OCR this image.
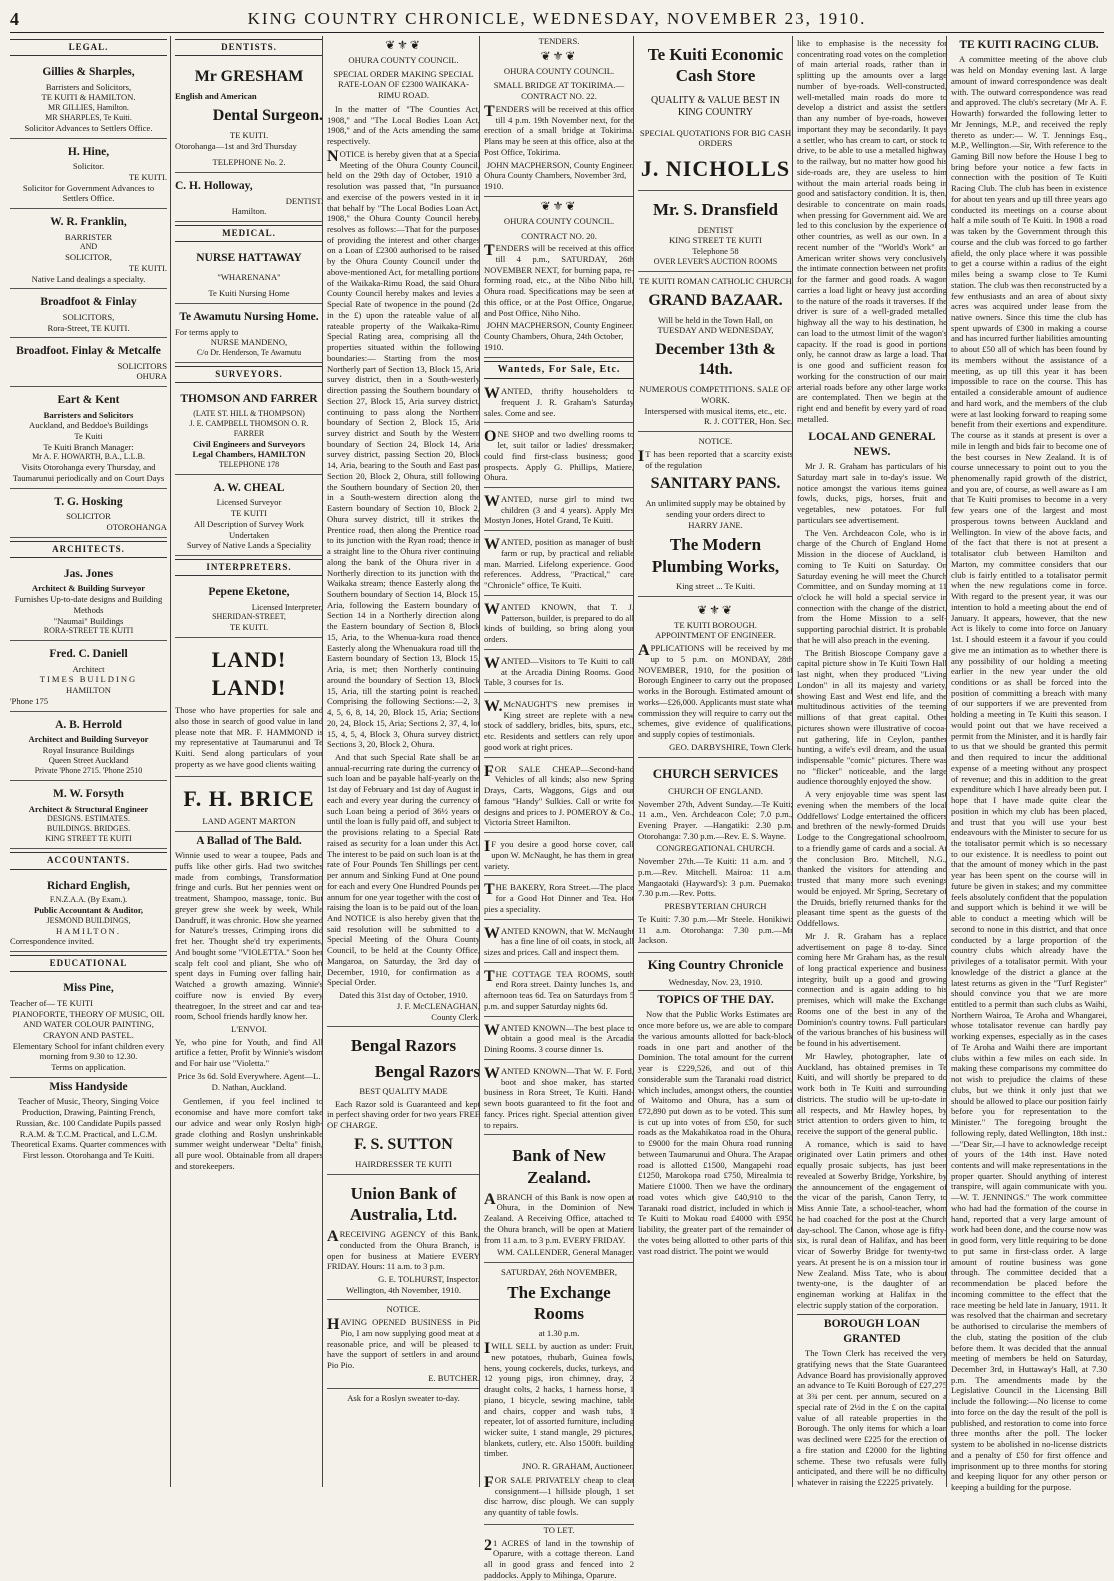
4	KING COUNTRY CHRONICLE, WEDNESDAY, NOVEMBER 23, 1910.
LEGAL.
Gillies & Sharples,
Barristers and Solicitors,
TE KUITI & HAMILTON.
MR GILLIES, Hamilton.
MR SHARPLES, Te Kuiti.
Solicitor Advances to Settlers Office.
H. Hine,
Solicitor.
TE KUITI.
Solicitor for Government Advances to Settlers Office.
W. R. Franklin,
BARRISTER
AND
SOLICITOR,
TE KUITI.
Native Land dealings a specialty.
Broadfoot & Finlay
SOLICITORS,
Rora-Street, TE KUITI.
Broadfoot. Finlay & Metcalfe
SOLICITORS
OHURA
Eart & Kent
Barristers and Solicitors
Auckland, and Beddoe's Buildings
Te Kuiti
Te Kuiti Branch Manager:
Mr A. F. HOWARTH, B.A., L.L.B.
Visits Otorohanga every Thursday, and Taumarunui periodically and on Court Days
T. G. Hosking
SOLICITOR
OTOROHANGA
ARCHITECTS.
Jas. Jones
Architect & Building Surveyor
Furnishes Up-to-date designs and Building Methods
"Naumai" Buildings
RORA-STREET TE KUITI
Fred. C. Daniell
Architect
TIMES BUILDING
HAMILTON
'Phone 175
A. B. Herrold
Architect and Building Surveyor
Royal Insurance Buildings
Queen Street Auckland
Private 'Phone 2715. 'Phone 2510
M. W. Forsyth
Architect & Structural Engineer
DESIGNS. ESTIMATES.
BUILDINGS. BRIDGES.
KING STREET TE KUITI
ACCOUNTANTS.
Richard English,
F.N.Z.A.A. (By Exam.).
Public Accountant & Auditor,
JESMOND BUILDINGS,
HAMILTON.
Correspondence invited.
EDUCATIONAL
Miss Pine,
Teacher of— TE KUITI
PIANOFORTE, THEORY OF MUSIC, OIL AND WATER COLOUR PAINTING, CRAYON AND PASTEL.
Elementary School for infant children every morning from 9.30 to 12.30.
Terms on application.
Miss Handyside
Teacher of Music, Theory, Singing Voice Production, Drawing, Painting French, Russian, &c. 100 Candidate Pupils passed R.A.M. & T.C.M. Practical, and L.C.M. Theoretical Exams. Quarter commences with First lesson. Otorohanga and Te Kuiti.
DENTISTS.
Mr GRESHAM
English and American
Dental Surgeon.
TE KUITI.
Otorohanga—1st and 3rd Thursday
TELEPHONE No. 2.
C. H. Holloway,
DENTIST.
Hamilton.
MEDICAL.
NURSE HATTAWAY
"WHARENANA"
Te Kuiti Nursing Home
Te Awamutu Nursing Home.
For terms apply to
NURSE MANDENO,
C/o Dr. Henderson, Te Awamutu
SURVEYORS.
THOMSON AND FARRER
(LATE ST. HILL & THOMPSON)
J. E. CAMPBELL THOMSON O. R. FARRER
Civil Engineers and Surveyors
Legal Chambers, HAMILTON
TELEPHONE 178
A. W. CHEAL
Licensed Surveyor
TE KUITI
All Description of Survey Work Undertaken
Survey of Native Lands a Speciality
INTERPRETERS.
Pepene Eketone,
Licensed Interpreter,
SHERIDAN-STREET,
TE KUITI.
LAND! LAND!
Those who have properties for sale and also those in search of good value in land please note that MR. F. HAMMOND is my representative at Taumarunui and Te Kuiti. Send along particulars of your property as we have good clients waiting
F. H. BRICE
LAND AGENT MARTON
A Ballad of The Bald.
Winnie used to wear a toupee, Pads and puffs like other girls. Had two switches made from combings, Transformation fringe and curls. But her pennies went on treatment, Shampoo, massage, tonic. But greyer grew she week by week, While Dandruff, it was chronic. How she yearned for Nature's tresses, Crimping irons did fret her. Thought she'd try experiments, And bought some "VIOLETTA." Soon her scalp felt cool and pliant, She who oft spent days in Fuming over falling hair, Watched a growth amazing. Winnie's coiffure now is envied By every theatregoer, In the street and car and tea-room, School friends hardly know her.
L'ENVOI.
Ye, who pine for Youth, and find All artifice a fetter, Profit by Winnie's wisdom and For hair use "Violetta."
Price 3s 6d. Sold Everywhere. Agent—L. D. Nathan, Auckland.
Gentlemen, if you feel inclined to economise and have more comfort take our advice and wear only Roslyn high-grade clothing and Roslyn unshrinkable summer weight underwear "Delta" finish, all pure wool. Obtainable from all drapers and storekeepers.
❦⚜❦
OHURA COUNTY COUNCIL.
SPECIAL ORDER MAKING SPECIAL RATE-LOAN OF £2300 WAIKAKA-RIMU ROAD.
In the matter of "The Counties Act, 1908," and "The Local Bodies Loan Act, 1908," and of the Acts amending the same respectively.
NOTICE is hereby given that at a Special Meeting of the Ohura County Council, held on the 29th day of October, 1910 a resolution was passed that, "In pursuance and exercise of the powers vested in it in that behalf by "The Local Bodies Loan Act, 1908," the Ohura County Council hereby resolves as follows:—That for the purposes of providing the interest and other charges on a Loan of £2300 authorised to be raised by the Ohura County Council under the above-mentioned Act, for metalling portions of the Waikaka-Rimu Road, the said Ohura County Council hereby makes and levies a Special Rate of twopence in the pound (2d in the £) upon the rateable value of all rateable property of the Waikaka-Rimu Special Rating area, comprising all the properties situated within the following boundaries:— Starting from the most Northerly part of Section 13, Block 15, Aria survey district, then in a South-westerly direction passing the Southern boundary of Section 27, Block 15, Aria survey district, continuing to pass along the Northern boundary of Section 2, Block 15, Aria survey district and South by the Western boundary of Section 24, Block 14, Aria survey district, passing Section 20, Block 14, Aria, bearing to the South and East past Section 20, Block 2, Ohura, still following the Southern boundary of Section 20, then in a South-western direction along the Eastern boundary of Section 10, Block 2, Ohura survey district, till it strikes the Prentice road, then along the Prentice road to its junction with the Ryan road; thence in a straight line to the Ohura river continuing along the bank of the Ohura river in a Northerly direction to its junction with the Waikaka stream; thence Easterly along the Southern boundary of Section 14, Block 15, Aria, following the Eastern boundary of Section 14 in a Northerly direction along the Eastern boundary of Section 8, Block 15, Aria, to the Whenua-kura road thence Easterly along the Whenuakura road till the Eastern boundary of Section 13, Block 15, Aria, is met; then Northerly continuing around the boundary of Section 13, Block 15, Aria, till the starting point is reached. Comprising the following Sections:—2, 3, 4, 5, 6, 8, 14, 20, Block 15, Aria; Sections 20, 24, Block 15, Aria; Sections 2, 37, 4, lot 15, 4, 5, 4, Block 3, Ohura survey district; Sections 3, 20, Block 2, Ohura.
And that such Special Rate shall be an annual-recurring rate during the currency of such loan and be payable half-yearly on the 1st day of February and 1st day of August in each and every year during the currency of such Loan being a period of 36½ years or until the loan is fully paid off, and subject to the provisions relating to a Special Rate raised as security for a loan under this Act. The interest to be paid on such loan is at the rate of Four Pounds Ten Shillings per cent. per annum and Sinking Fund at One pound for each and every One Hundred Pounds per annum for one year together with the cost of raising the loan is to be paid out of the loan. And NOTICE is also hereby given that the said resolution will be submitted to a Special Meeting of the Ohura County Council, to be held at the County Office, Mangaroa, on Saturday, the 3rd day of December, 1910, for confirmation as a Special Order.
Dated this 31st day of October, 1910.
J. F. McCLENAGHAN,
County Clerk.
Bengal Razors
Bengal Razors
BEST QUALITY MADE
Each Razor sold is Guaranteed and kept in perfect shaving order for two years FREE OF CHARGE.
F. S. SUTTON
HAIRDRESSER TE KUITI
Union Bank of Australia, Ltd.
ARECEIVING AGENCY of this Bank, conducted from the Ohura Branch, is open for business at Matiere EVERY FRIDAY. Hours: 11 a.m. to 3 p.m.
G. E. TOLHURST, Inspector.
Wellington, 4th November, 1910.
NOTICE.
HAVING OPENED BUSINESS in Pio Pio, I am now supplying good meat at a reasonable price, and will be pleased to have the support of settlers in and around Pio Pio.
E. BUTCHER.
Ask for a Roslyn sweater to-day.
TENDERS.
❦⚜❦
OHURA COUNTY COUNCIL.
SMALL BRIDGE AT TOKIRIMA.—CONTRACT NO. 22.
TENDERS will be received at this office till 4 p.m. 19th November next, for the erection of a small bridge at Tokirima. Plans may be seen at this office, also at the Post Office, Tokirima.
JOHN MACPHERSON, County Engineer.
Ohura County Chambers, November 3rd, 1910.
❦⚜❦
OHURA COUNTY COUNCIL.
CONTRACT NO. 20.
TENDERS will be received at this office till 4 p.m., SATURDAY, 26th NOVEMBER NEXT, for burning papa, re-forming road, etc., at the Nibo Nibo hill, Ohura road. Specifications may be seen at this office, or at the Post Office, Ongarue, and Post Office, Niho Niho.
JOHN MACPHERSON, County Engineer.
County Chambers, Ohura, 24th October, 1910.
Wanteds, For Sale, Etc.
WANTED, thrifty householders to frequent J. R. Graham's Saturday sales. Come and see.
ONE SHOP and two dwelling rooms to let, suit tailor or ladies' dressmaker; could find first-class business; good prospects. Apply G. Phillips, Matiere, Ohura.
WANTED, nurse girl to mind two children (3 and 4 years). Apply Mrs Mostyn Jones, Hotel Grand, Te Kuiti.
WANTED, position as manager of bush farm or rup, by practical and reliable man. Married. Lifelong experience. Good references. Address, "Practical," care "Chronicle" office, Te Kuiti.
WANTED KNOWN, that T. J. Patterson, builder, is prepared to do all kinds of building, so bring along your orders.
WANTED—Visitors to Te Kuiti to call at the Arcadia Dining Rooms. Good Table, 3 courses for 1s.
W.McNAUGHT'S new premises in King street are replete with a new stock of saddlery, bridles, bits, spurs, etc., etc. Residents and settlers can rely upon good work at right prices.
FOR SALE CHEAP—Second-hand Vehicles of all kinds; also new Spring Drays, Carts, Waggons, Gigs and our famous "Handy" Sulkies. Call or write for designs and prices to J. POMEROY & Co., Victoria Street Hamilton.
IF you desire a good horse cover, call upon W. McNaught, he has them in great variety.
THE BAKERY, Rora Street.—The place for a Good Hot Dinner and Tea. Hot pies a speciality.
WANTED KNOWN, that W. McNaught has a fine line of oil coats, in stock, all sizes and prices. Call and inspect them.
THE COTTAGE TEA ROOMS, south end Rora street. Dainty lunches 1s, and afternoon teas 6d. Tea on Saturdays from 5 p.m. and supper Saturday nights 6d.
WANTED KNOWN—The best place to obtain a good meal is the Arcadia Dining Rooms. 3 course dinner 1s.
WANTED KNOWN—That W. F. Ford, boot and shoe maker, has started business in Rora Street, Te Kuiti. Hand-sewn boots guaranteed to fit the foot and fancy. Prices right. Special attention given to repairs.
Bank of New Zealand.
ABRANCH of this Bank is now open at Ohura, in the Dominion of New Zealand. A Receiving Office, attached to the Ohura branch, will be open at Matiere from 11 a.m. to 3 p.m. EVERY FRIDAY.
WM. CALLENDER, General Manager.
SATURDAY, 26th NOVEMBER,
The Exchange Rooms
at 1.30 p.m.
IWILL SELL by auction as under: Fruit, new potatoes, rhubarb, Guinea fowls, hens, young cockerels, ducks, turkeys, and 12 young pigs, iron chimney, dray, 2 draught colts, 2 hacks, 1 harness horse, 1 piano, 1 bicycle, sewing machine, table and chairs, copper and wash tubs, 1 repeater, lot of assorted furniture, including wicker suite, 1 stand mangle, 29 pictures, blankets, cutlery, etc. Also 1500ft. building timber.
JNO. R. GRAHAM, Auctioneer.
FOR SALE PRIVATELY cheap to clear consignment—1 hillside plough, 1 set disc harrow, disc plough. We can supply any quantity of table fowls.
TO LET.
21 ACRES of land in the township of Oparure, with a cottage thereon. Land all in good grass and fenced into 2 paddocks. Apply to Mihinga, Oparure.
Te Kuiti Economic Cash Store
QUALITY & VALUE BEST IN KING COUNTRY
SPECIAL QUOTATIONS FOR BIG CASH ORDERS
J. NICHOLLS
Mr. S. Dransfield
DENTIST
KING STREET TE KUITI
Telephone 58
OVER LEVER'S AUCTION ROOMS
TE KUITI ROMAN CATHOLIC CHURCH
GRAND BAZAAR.
Will be held in the Town Hall, on TUESDAY AND WEDNESDAY,
December 13th & 14th.
NUMEROUS COMPETITIONS. SALE OF WORK.
Interspersed with musical items, etc., etc.
R. J. COTTER, Hon. Sec.
NOTICE.
IT has been reported that a scarcity exists of the regulation
SANITARY PANS.
An unlimited supply may be obtained by sending your orders direct to
HARRY JANE.
The Modern Plumbing Works,
King street ... Te Kuiti.
❦⚜❦
TE KUITI BOROUGH.
APPOINTMENT OF ENGINEER.
APPLICATIONS will be received by me up to 5 p.m. on MONDAY, 28th NOVEMBER, 1910, for the position of Borough Engineer to carry out the proposed works in the Borough. Estimated amount of works—£26,000. Applicants must state what commission they will require to carry out the schemes, give evidence of qualifications, and supply copies of testimonials.
GEO. DARBYSHIRE, Town Clerk.
CHURCH SERVICES
CHURCH OF ENGLAND.
November 27th, Advent Sunday.—Te Kuiti; 11 a.m., Ven. Archdeacon Cole; 7.0 p.m., Evening Prayer. —Hangatiki: 2.30 p.m. Otorohanga: 7.30 p.m.—Rev. E. S. Wayne.
CONGREGATIONAL CHURCH.
November 27th.—Te Kuiti: 11 a.m. and 7 p.m.—Rev. Mitchell. Mairoa: 11 a.m. Mangaotaki (Hayward's): 3 p.m. Puemako: 7.30 p.m.—Rev. Potts.
PRESBYTERIAN CHURCH
Te Kuiti: 7.30 p.m.—Mr Steele. Honikiwi: 11 a.m. Otorohanga: 7.30 p.m.—Mr Jackson.
King Country Chronicle
Wednesday, Nov. 23, 1910.
TOPICS OF THE DAY.
Now that the Public Works Estimates are once more before us, we are able to compare the various amounts allotted for back-block roads in one part and another of the Dominion. The total amount for the current year is £229,526, and out of this considerable sum the Taranaki road district, which includes, amongst others, the counties of Waitomo and Ohura, has a sum of £72,890 put down as to be voted. This sum is cut up into votes of from £50, for such roads as the Makahikatoa road in the Ohura, to £9000 for the main Ohura road running between Taumarunui and Ohura. The Arapae road is allotted £1500, Mangapehi road £1250, Marokopa road £750, Mirealmia to Matiere £1000. Then we have the ordinary road votes which give £40,910 to the Taranaki road district, included in which is Te Kuiti to Mokau road £4000 with £950 liability, the greater part of the remainder of the votes being allotted to other parts of this vast road district. The point we would
like to emphasise is the necessity for concentrating road votes on the completion of main arterial roads, rather than in splitting up the amounts over a large number of bye-roads. Well-constructed, well-metalled main roads do more to develop a district and assist the settlers than any number of bye-roads, however important they may be secondarily. It pays a settler, who has cream to cart, or stock to drive, to be able to use a metalled highway to the railway, but no matter how good his side-roads are, they are useless to him without the main arterial roads being in good and satisfactory condition. It is, then, desirable to concentrate on main roads, when pressing for Government aid. We are led to this conclusion by the experience of other countries, as well as our own. In a recent number of the "World's Work" an American writer shows very conclusively the intimate connection between net profits for the farmer and good roads. A wagon carries a load light or heavy just according to the nature of the roads it traverses. If the driver is sure of a well-graded metalled highway all the way to his destination, he can load to the utmost limit of the wagon's capacity. If the road is good in portions only, he cannot draw as large a load. That is one good and sufficient reason for working for the construction of our main arterial roads before any other large works are contemplated. Then we begin at the right end and benefit by every yard of road metalled.
LOCAL AND GENERAL NEWS.
Mr J. R. Graham has particulars of his Saturday mart sale in to-day's issue. We notice amongst the various items guinea fowls, ducks, pigs, horses, fruit and vegetables, new potatoes. For full particulars see advertisement.
The Ven. Archdeacon Cole, who is in charge of the Church of England Home Mission in the diocese of Auckland, is coming to Te Kuiti on Saturday. On Saturday evening he will meet the Church Committee, and on Sunday morning at 11 o'clock he will hold a special service in connection with the change of the district, from the Home Mission to a self-supporting parochial district. It is probable that he will also preach in the evening.
The British Bioscope Company gave a capital picture show in Te Kuiti Town Hall last night, when they produced "Living London" in all its majesty and variety, showing East and West end life, and the multitudinous activities of the teeming millions of that great capital. Other pictures shown were illustrative of cocoa-nut gathering, life in Ceylon, panther hunting, a wife's evil dream, and the usual indispensable "comic" pictures. There was no "flicker" noticeable, and the large audience thoroughly enjoyed the show.
A very enjoyable time was spent last evening when the members of the local Oddfellows' Lodge entertained the officers and brethren of the newly-formed Druids' Lodge to the Congregational schoolroom, to a friendly game of cards and a social. At the conclusion Bro. Mitchell, N.G., thanked the visitors for attending and trusted that many more such evenings would be enjoyed. Mr Spring, Secretary of the Druids, briefly returned thanks for the pleasant time spent as the guests of the Oddfellows.
Mr J. R. Graham has a replace advertisement on page 8 to-day. Since coming here Mr Graham has, as the result of long practical experience and business integrity, built up a good and growing connection and is again adding to his premises, which will make the Exchange Rooms one of the best in any of the Dominion's country towns. Full particulars of the various branches of his business will be found in his advertisement.
Mr Hawley, photographer, late of Auckland, has obtained premises in Te Kuiti, and will shortly be prepared to do work both in Te Kuiti and surrounding districts. The studio will be up-to-date in all respects, and Mr Hawley hopes, by strict attention to orders given to him, to receive the support of the general public.
A romance, which is said to have originated over Latin primers and other equally prosaic subjects, has just been revealed at Sowerby Bridge, Yorkshire, by the announcement of the engagement of the vicar of the parish, Canon Terry, to Miss Annie Tate, a school-teacher, whom he had coached for the post at the Church day-school. The Canon, whose age is fifty-six, is rural dean of Halifax, and has been vicar of Sowerby Bridge for twenty-two years. At present he is on a mission tour in New Zealand. Miss Tate, who is about twenty-one, is the daughter of an engineman working at Halifax in the electric supply station of the corporation.
BOROUGH LOAN GRANTED
The Town Clerk has received the very gratifying news that the State Guaranteed Advance Board has provisionally approved an advance to Te Kuiti Borough of £27,275 at 3¾ per cent. per annum, secured on a special rate of 2½d in the £ on the capital value of all rateable properties in the Borough. The only items for which a loan was declined were £225 for the erection of a fire station and £2000 for the lighting scheme. These two refusals were fully anticipated, and there will be no difficulty whatever in raising the £2225 privately.
TE KUITI RACING CLUB.
A committee meeting of the above club was held on Monday evening last. A large amount of inward correspondence was dealt with. The outward correspondence was read and approved. The club's secretary (Mr A. F. Howarth) forwarded the following letter to Mr Jennings, M.P., and received the reply thereto as under:— W. T. Jennings Esq., M.P., Wellington.—Sir, With reference to the Gaming Bill now before the House I beg to bring before your notice a few facts in connection with the position of Te Kuiti Racing Club. The club has been in existence for about ten years and up till three years ago conducted its meetings on a course about half a mile south of Te Kuiti. In 1908 a road was taken by the Government through this course and the club was forced to go farther afield, the only place where it was possible to get a course within a radius of the eight miles being a swamp close to Te Kumi station. The club was then reconstructed by a few enthusiasts and an area of about sixty acres was acquired under lease from the native owners. Since this time the club has spent upwards of £300 in making a course and has incurred further liabilities amounting to about £50 all of which has been found by its members without the assistance of a meeting, as up till this year it has been impossible to race on the course. This has entailed a considerable amount of audience and hard work, and the members of the club were at last looking forward to reaping some benefit from their exertions and expenditure. The course as it stands at present is over a mile in length and bids fair to become one of the best courses in New Zealand. It is of course unnecessary to point out to you the phenomenally rapid growth of the district, and you are, of course, as well aware as I am that Te Kuiti promises to become in a very few years one of the largest and most prosperous towns between Auckland and Wellington. In view of the above facts, and of the fact that there is not at present a totalisator club between Hamilton and Marton, my committee considers that our club is fairly entitled to a totalisator permit when the new regulations come in force. With regard to the present year, it was our intention to hold a meeting about the end of January. It appears, however, that the new Act is likely to come into force on January 1st. I should esteem it a favour if you could give me an intimation as to whether there is any possibility of our holding a meeting earlier in the new year under the old conditions or as shall be forced into the position of committing a breach with many of our supporters if we are prevented from holding a meeting in Te Kuiti this season. I would point out that we have received a permit from the Minister, and it is hardly fair to us that we should be granted this permit and then required to incur the additional expense of a meeting without any prospect of revenue; and this in addition to the great expenditure which I have already been put. I hope that I have made quite clear the position in which my club has been placed, and trust that you will use your best endeavours with the Minister to secure for us the totalisator permit which is so necessary to our existence. It is needless to point out that the amount of money which in the past year has been spent on the course will in future be given in stakes; and my committee feels absolutely confident that the population and support which is behind it we will be able to conduct a meeting which will be second to none in this district, and that once conducted by a large proportion of the country clubs which already have the privileges of a totalisator permit. With your knowledge of the district a glance at the latest returns as given in the "Turf Register" should convince you that we are more entitled to a permit than such clubs as Waihi, Northern Wairoa, Te Aroha and Whangarei, whose totalisator revenue can hardly pay working expenses, especially as in the cases of Te Aroha and Waihi there are important clubs within a few miles on each side. In making these comparisons my committee do not wish to prejudice the claims of these clubs, but we think it only just that we should be allowed to place our position fairly before you for representation to the Minister." The foregoing brought the following reply, dated Wellington, 18th inst.:—"Dear Sir,—I have to acknowledge receipt of yours of the 14th inst. Have noted contents and will make representations in the proper quarter. Should anything of interest transpire, will again communicate with you.—W. T. JENNINGS." The work committee who had had the formation of the course in hand, reported that a very large amount of work had been done, and the course now was in good form, very little requiring to be done to put same in first-class order. A large amount of routine business was gone through. The committee decided that a recommendation be placed before the incoming committee to the effect that the race meeting be held late in January, 1911. It was resolved that the chairman and secretary be authorised to circularise the members of the club, stating the position of the club before them. It was decided that the annual meeting of members be held on Saturday, December 3rd, in Huttaway's Hall, at 7.30 p.m. The amendments made by the Legislative Council in the Licensing Bill include the following:—No license to come into force on the day the result of the poll is published, and restoration to come into force three months after the poll. The locker system to be abolished in no-license districts and a penalty of £50 for first offence and imprisonment up to three months for storing and keeping liquor for any other person or keeping a building for the purpose.
